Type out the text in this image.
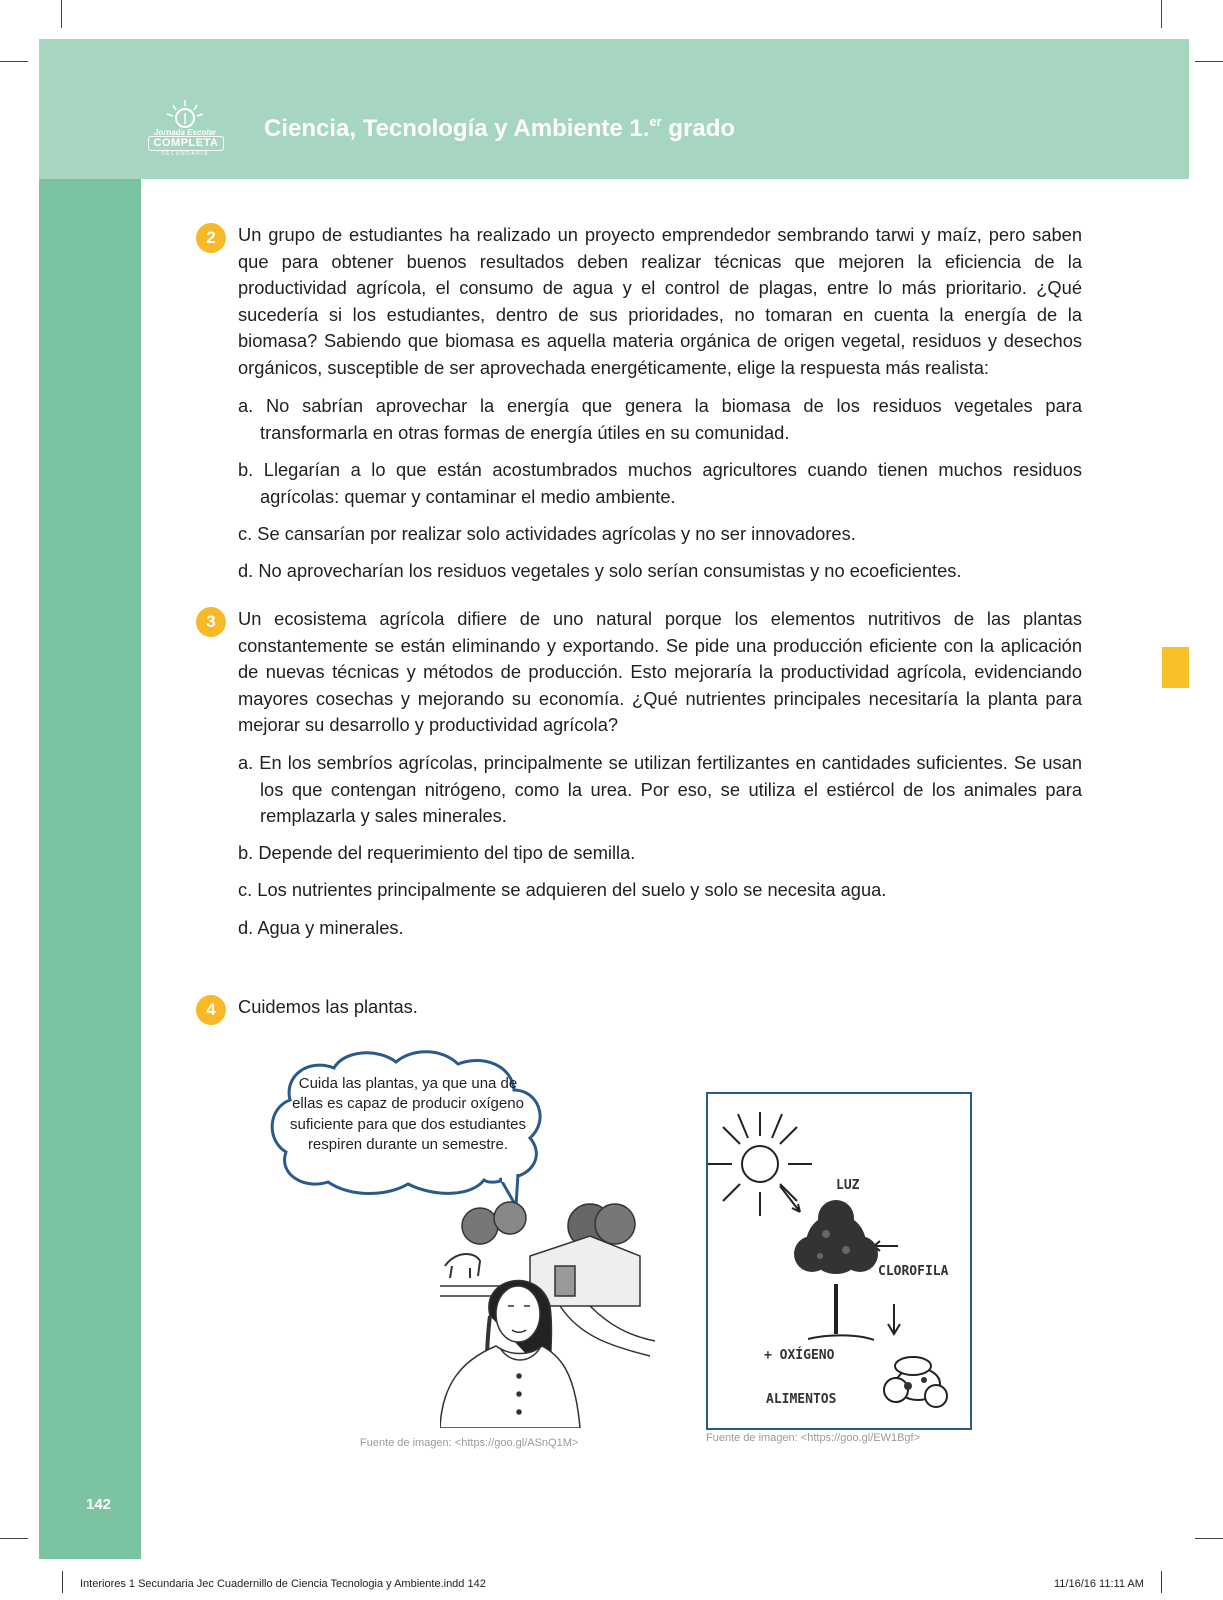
Jornada Escolar
COMPLETA
SECUNDARIA
Ciencia, Tecnología y Ambiente 1.$^{er}$ grado
2	Un grupo de estudiantes ha realizado un proyecto emprendedor sembrando tarwi y maíz, pero saben que para obtener buenos resultados deben realizar técnicas que mejoren la eficiencia de la productividad agrícola, el consumo de agua y el control de plagas, entre lo más prioritario. ¿Qué sucedería si los estudiantes, dentro de sus prioridades, no tomaran en cuenta la energía de la biomasa? Sabiendo que biomasa es aquella materia orgánica de origen vegetal, residuos y desechos orgánicos, susceptible de ser aprovechada energéticamente, elige la respuesta más realista:
a. No sabrían aprovechar la energía que genera la biomasa de los residuos vegetales para transformarla en otras formas de energía útiles en su comunidad.
b. Llegarían a lo que están acostumbrados muchos agricultores cuando tienen muchos residuos agrícolas: quemar y contaminar el medio ambiente.
c. Se cansarían por realizar solo actividades agrícolas y no ser innovadores.
d. No aprovecharían los residuos vegetales y solo serían consumistas y no ecoeficientes.
3	Un ecosistema agrícola difiere de uno natural porque los elementos nutritivos de las plantas constantemente se están eliminando y exportando. Se pide una producción eficiente con la aplicación de nuevas técnicas y métodos de producción. Esto mejoraría la productividad agrícola, evidenciando mayores cosechas y mejorando su economía. ¿Qué nutrientes principales necesitaría la planta para mejorar su desarrollo y productividad agrícola?
a. En los sembríos agrícolas, principalmente se utilizan fertilizantes en cantidades suficientes. Se usan los que contengan nitrógeno, como la urea. Por eso, se utiliza el estiércol de los animales para remplazarla y sales minerales.
b. Depende del requerimiento del tipo de semilla.
c. Los nutrientes principalmente se adquieren del suelo y solo se necesita agua.
d. Agua y minerales.
4	Cuidemos las plantas.
Cuida las plantas, ya que una de ellas es capaz de producir oxígeno suficiente para que dos estudiantes respiren durante un semestre.
Fuente de imagen: <https://goo.gl/ASnQ1M>
LUZ
CLOROFILA
+ OXÍGENO
ALIMENTOS
Fuente de imagen: <https://goo.gl/EW1Bgf>
142
Interiores 1 Secundaria Jec Cuadernillo de Ciencia Tecnologia y Ambiente.indd 142	11/16/16 11:11 AM
